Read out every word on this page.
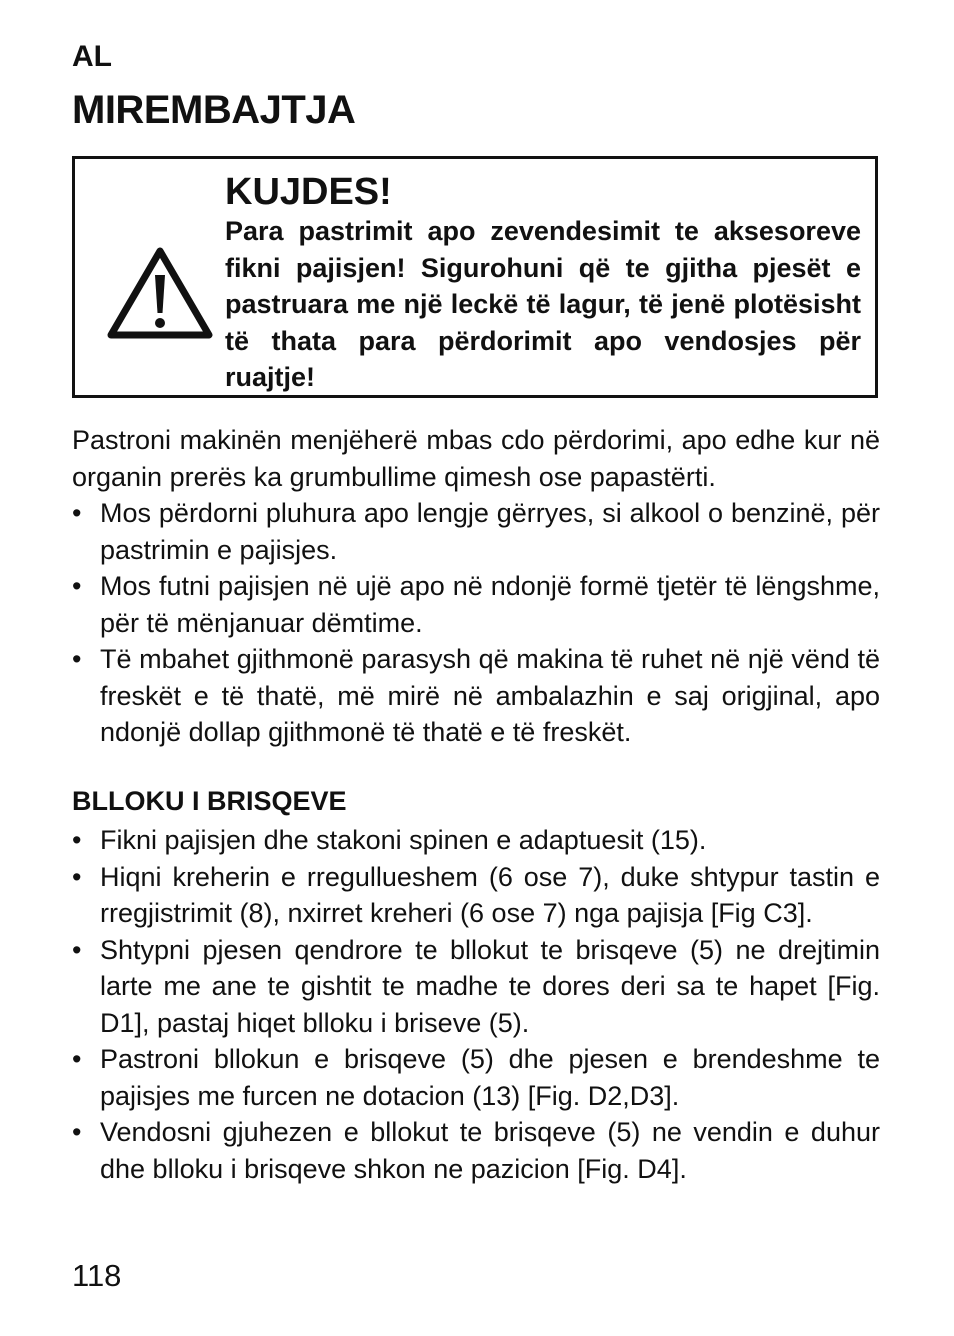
AL
MIREMBAJTJA
KUJDES!
Para pastrimit apo zevendesimit te aksesoreve fikni pajisjen! Sigurohuni që te gjitha pjesët e pastruara me një leckë të lagur, të jenë plotësisht të thata para përdorimit apo vendosjes për ruajtje!
Pastroni makinën menjëherë mbas cdo përdorimi, apo edhe kur në organin prerës ka grumbullime qimesh ose papastërti.
• Mos përdorni pluhura apo lengje gërryes, si alkool o benzinë, për pastrimin e pajisjes.
• Mos futni pajisjen në ujë apo në ndonjë formë tjetër të lëngshme, për të mënjanuar dëmtime.
• Të mbahet gjithmonë parasysh që makina të ruhet në një vënd të freskët e të thatë, më mirë në ambalazhin e saj origjinal, apo ndonjë dollap gjithmonë të thatë e të freskët.
BLLOKU I BRISQEVE
• Fikni pajisjen dhe stakoni spinen e adaptuesit (15).
• Hiqni kreherin e rregullueshem (6 ose 7), duke shtypur tastin e rregjistrimit (8), nxirret kreheri (6 ose 7) nga pajisja [Fig C3].
• Shtypni pjesen qendrore te bllokut te brisqeve (5) ne drejtimin larte me ane te gishtit te madhe te dores deri sa te hapet [Fig. D1], pastaj hiqet blloku i briseve (5).
• Pastroni bllokun e brisqeve (5) dhe pjesen e brendeshme te pajisjes me furcen ne dotacion (13) [Fig. D2,D3].
• Vendosni gjuhezen e bllokut te brisqeve (5) ne vendin e duhur dhe blloku i brisqeve shkon ne pazicion [Fig. D4].
118
